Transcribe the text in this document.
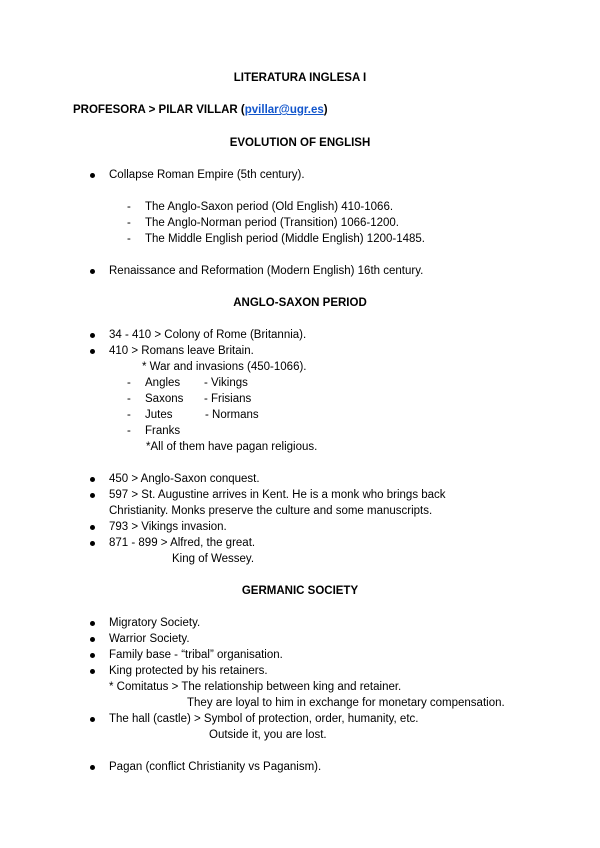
LITERATURA INGLESA I
PROFESORA > PILAR VILLAR (pvillar@ugr.es)
EVOLUTION OF ENGLISH
Collapse Roman Empire (5th century).
- The Anglo-Saxon period (Old English) 410-1066.
- The Anglo-Norman period (Transition) 1066-1200.
- The Middle English period (Middle English) 1200-1485.
Renaissance and Reformation (Modern English) 16th century.
ANGLO-SAXON PERIOD
34 - 410 > Colony of Rome (Britannia).
410 > Romans leave Britain.
* War and invasions (450-1066).
- Angles - Vikings
- Saxons - Frisians
- Jutes	- Normans
- Franks
*All of them have pagan religious.
450 > Anglo-Saxon conquest.
597 > St. Augustine arrives in Kent. He is a monk who brings back
Christianity. Monks preserve the culture and some manuscripts.
793 > Vikings invasion.
871 - 899 > Alfred, the great.
King of Wessey.
GERMANIC SOCIETY
Migratory Society.
Warrior Society.
Family base - “tribal” organisation.
King protected by his retainers.
* Comitatus > The relationship between king and retainer.
They are loyal to him in exchange for monetary compensation.
The hall (castle) > Symbol of protection, order, humanity, etc.
Outside it, you are lost.
Pagan (conflict Christianity vs Paganism).
